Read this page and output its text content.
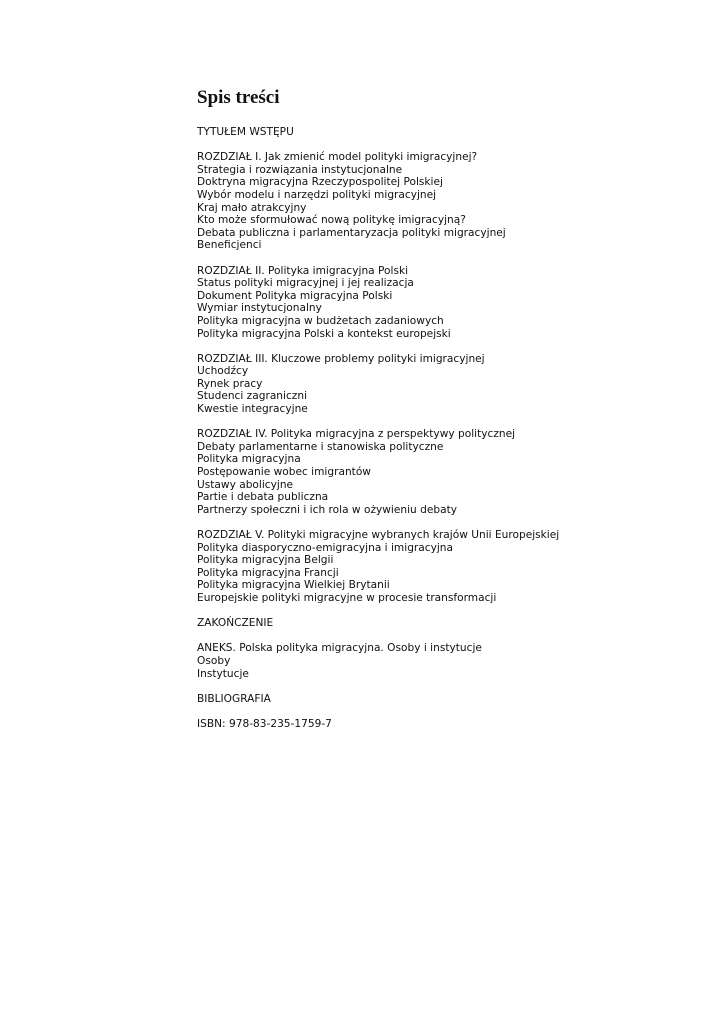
Spis treści
TYTUŁEM WSTĘPU
ROZDZIAŁ I. Jak zmienić model polityki imigracyjnej?
Strategia i rozwiązania instytucjonalne
Doktryna migracyjna Rzeczypospolitej Polskiej
Wybór modelu i narzędzi polityki migracyjnej
Kraj mało atrakcyjny
Kto może sformułować nową politykę imigracyjną?
Debata publiczna i parlamentaryzacja polityki migracyjnej
Beneficjenci
ROZDZIAŁ II. Polityka imigracyjna Polski
Status polityki migracyjnej i jej realizacja
Dokument Polityka migracyjna Polski
Wymiar instytucjonalny
Polityka migracyjna w budżetach zadaniowych
Polityka migracyjna Polski a kontekst europejski
ROZDZIAŁ III. Kluczowe problemy polityki imigracyjnej
Uchodźcy
Rynek pracy
Studenci zagraniczni
Kwestie integracyjne
ROZDZIAŁ IV. Polityka migracyjna z perspektywy politycznej
Debaty parlamentarne i stanowiska polityczne
Polityka migracyjna
Postępowanie wobec imigrantów
Ustawy abolicyjne
Partie i debata publiczna
Partnerzy społeczni i ich rola w ożywieniu debaty
ROZDZIAŁ V. Polityki migracyjne wybranych krajów Unii Europejskiej
Polityka diasporyczno-emigracyjna i imigracyjna
Polityka migracyjna Belgii
Polityka migracyjna Francji
Polityka migracyjna Wielkiej Brytanii
Europejskie polityki migracyjne w procesie transformacji
ZAKOŃCZENIE
ANEKS. Polska polityka migracyjna. Osoby i instytucje
Osoby
Instytucje
BIBLIOGRAFIA
ISBN: 978-83-235-1759-7
